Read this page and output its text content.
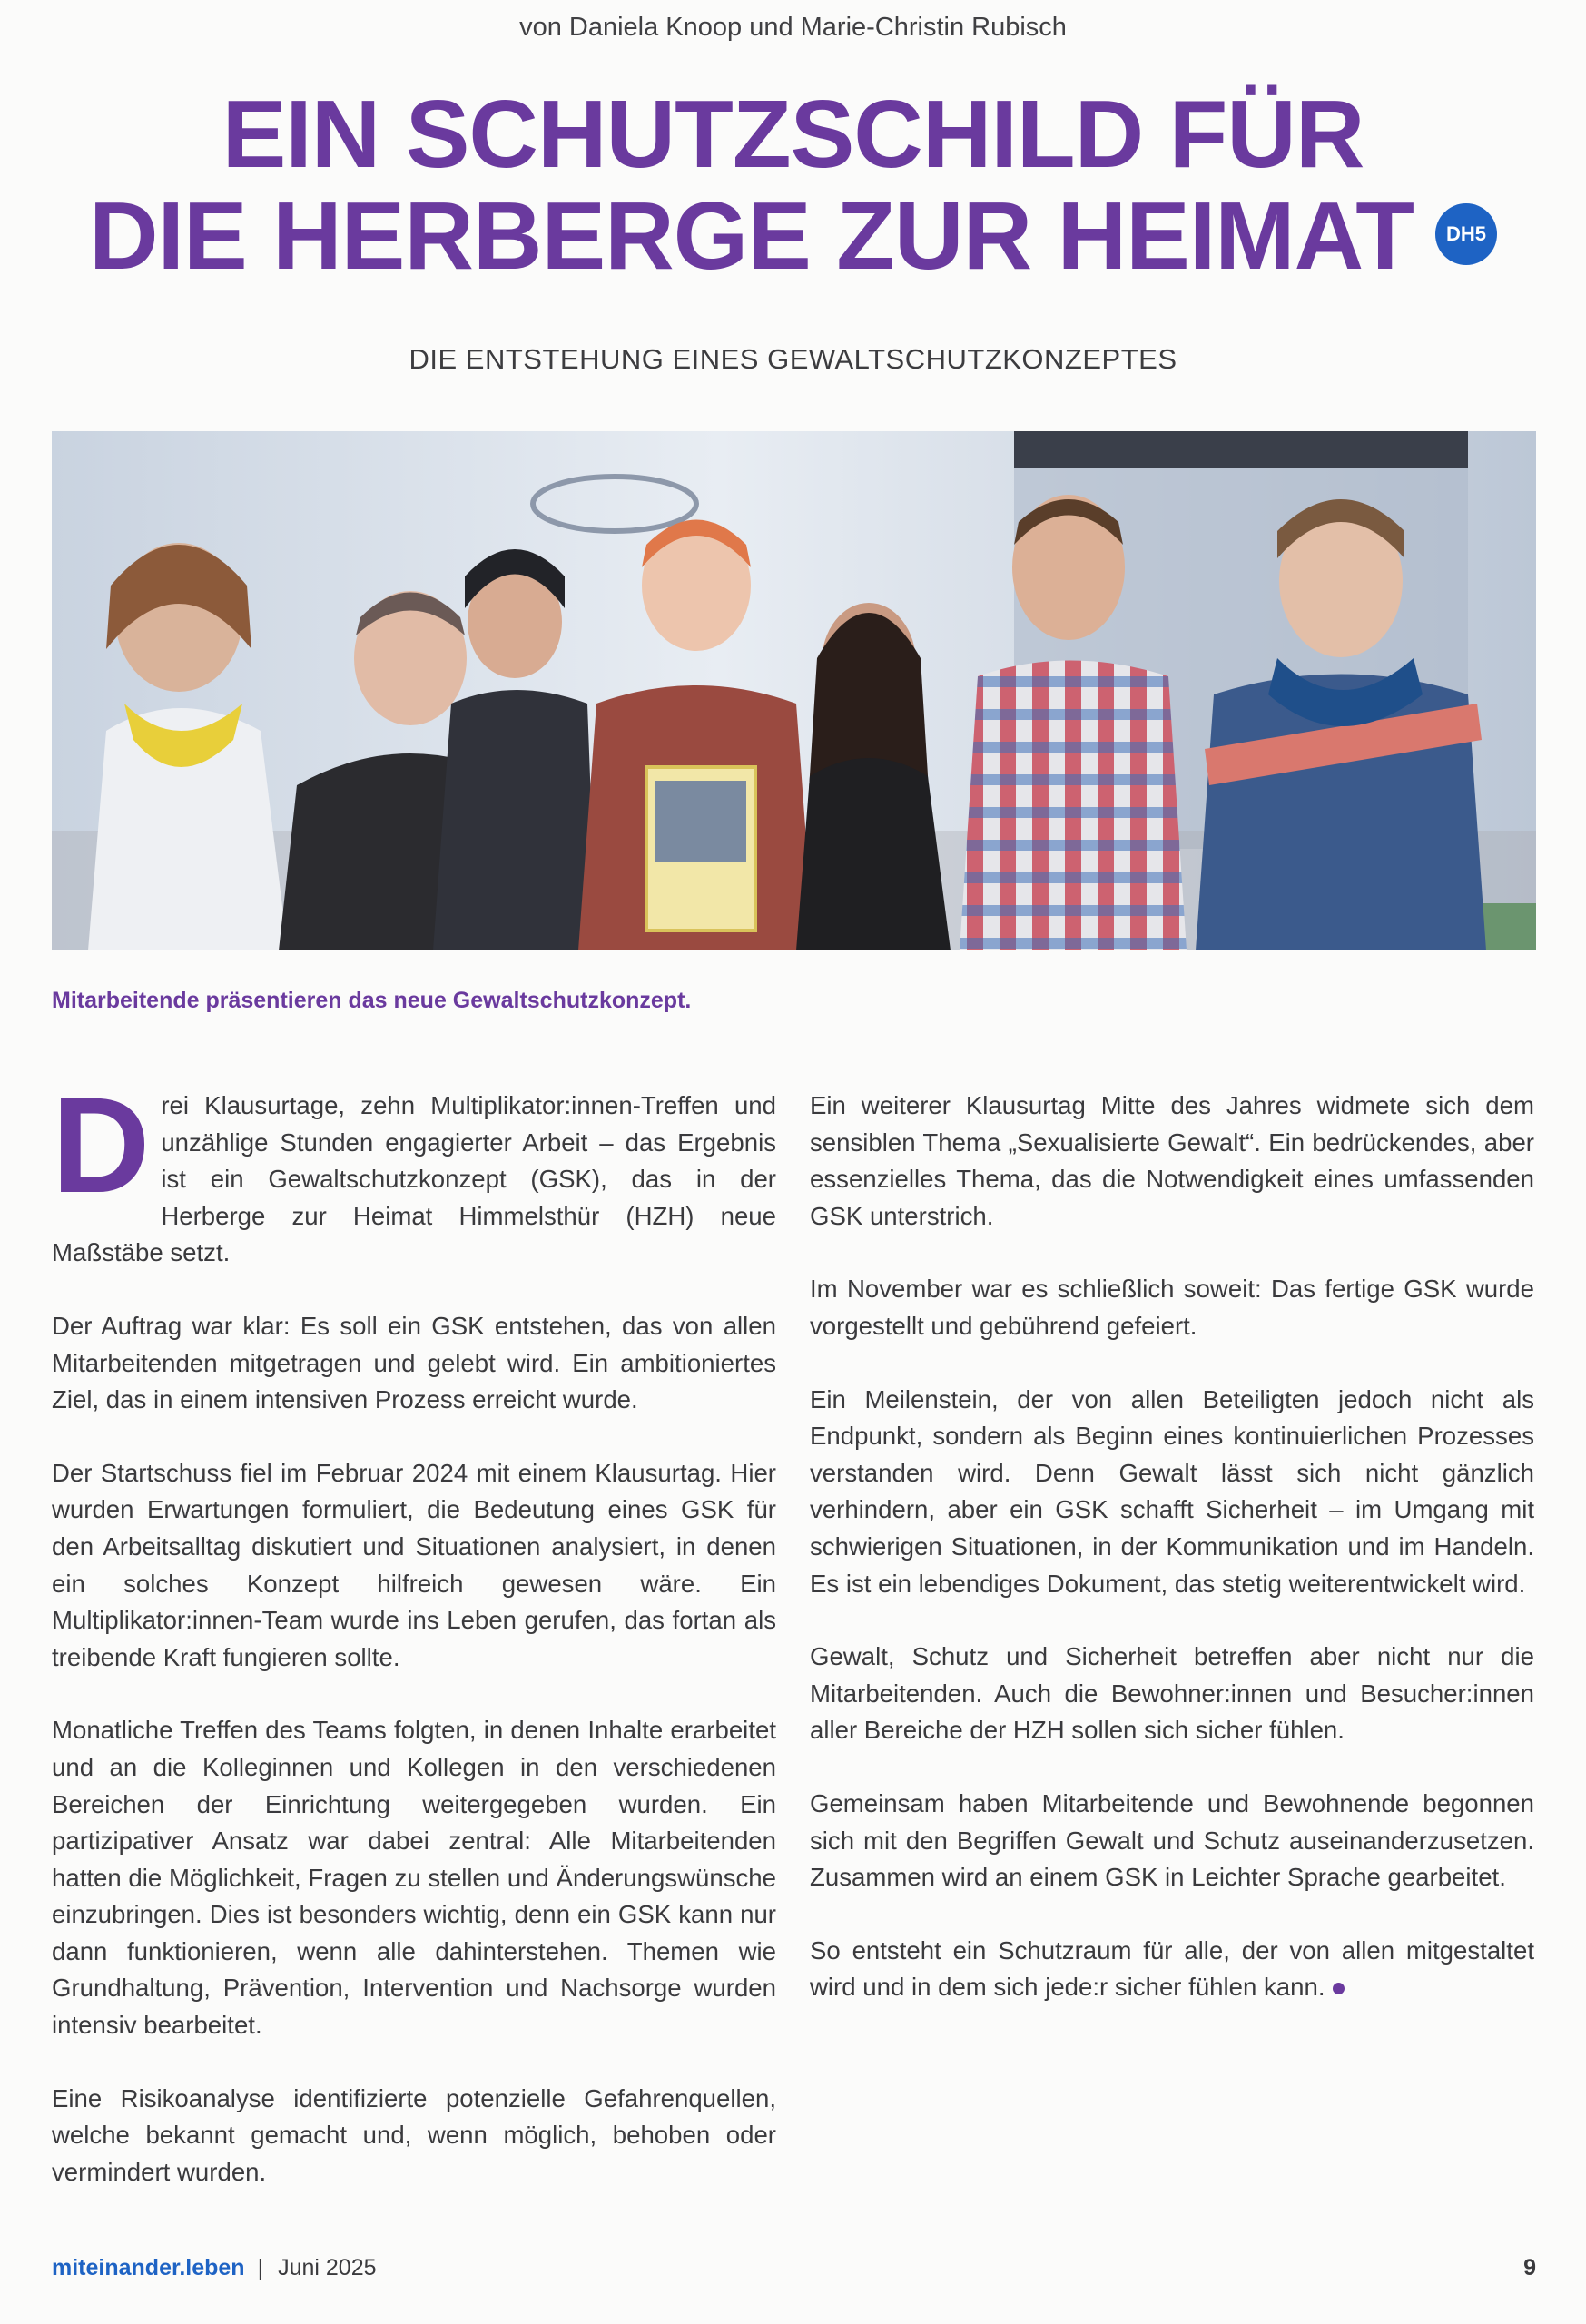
von Daniela Knoop und Marie-Christin Rubisch
EIN SCHUTZSCHILD FÜR
DIE HERBERGE ZUR HEIMAT DH5
DIE ENTSTEHUNG EINES GEWALTSCHUTZKONZEPTES
Mitarbeitende präsentieren das neue Gewaltschutzkonzept.

Drei Klausurtage, zehn Multiplikator:innen-Treffen und unzählige Stunden engagierter Arbeit – das Ergebnis ist ein Gewaltschutzkonzept (GSK), das in der Herberge zur Heimat Himmelsthür (HZH) neue Maßstäbe setzt.

Der Auftrag war klar: Es soll ein GSK entstehen, das von allen Mitarbeitenden mitgetragen und gelebt wird. Ein ambitioniertes Ziel, das in einem intensiven Prozess erreicht wurde.

Der Startschuss fiel im Februar 2024 mit einem Klausurtag. Hier wurden Erwartungen formuliert, die Bedeutung eines GSK für den Arbeitsalltag diskutiert und Situationen analysiert, in denen ein solches Konzept hilfreich gewesen wäre. Ein Multiplikator:innen-Team wurde ins Leben gerufen, das fortan als treibende Kraft fungieren sollte.

Monatliche Treffen des Teams folgten, in denen Inhalte erarbeitet und an die Kolleginnen und Kollegen in den verschiedenen Bereichen der Einrichtung weitergegeben wurden. Ein partizipativer Ansatz war dabei zentral: Alle Mitarbeitenden hatten die Möglichkeit, Fragen zu stellen und Änderungswünsche einzubringen. Dies ist besonders wichtig, denn ein GSK kann nur dann funktionieren, wenn alle dahinterstehen. Themen wie Grundhaltung, Prävention, Intervention und Nachsorge wurden intensiv bearbeitet.

Eine Risikoanalyse identifizierte potenzielle Gefahrenquellen, welche bekannt gemacht und, wenn möglich, behoben oder vermindert wurden.

Ein weiterer Klausurtag Mitte des Jahres widmete sich dem sensiblen Thema „Sexualisierte Gewalt“. Ein bedrückendes, aber essenzielles Thema, das die Notwendigkeit eines umfassenden GSK unterstrich.

Im November war es schließlich soweit: Das fertige GSK wurde vorgestellt und gebührend gefeiert.

Ein Meilenstein, der von allen Beteiligten jedoch nicht als Endpunkt, sondern als Beginn eines kontinuierlichen Prozesses verstanden wird. Denn Gewalt lässt sich nicht gänzlich verhindern, aber ein GSK schafft Sicherheit – im Umgang mit schwierigen Situationen, in der Kommunikation und im Handeln. Es ist ein lebendiges Dokument, das stetig weiterentwickelt wird.

Gewalt, Schutz und Sicherheit betreffen aber nicht nur die Mitarbeitenden. Auch die Bewohner:innen und Besucher:innen aller Bereiche der HZH sollen sich sicher fühlen.

Gemeinsam haben Mitarbeitende und Bewohnende begonnen sich mit den Begriffen Gewalt und Schutz auseinanderzusetzen. Zusammen wird an einem GSK in Leichter Sprache gearbeitet.

So entsteht ein Schutzraum für alle, der von allen mitgestaltet wird und in dem sich jede:r sicher fühlen kann.

miteinander.leben | Juni 2025	9
